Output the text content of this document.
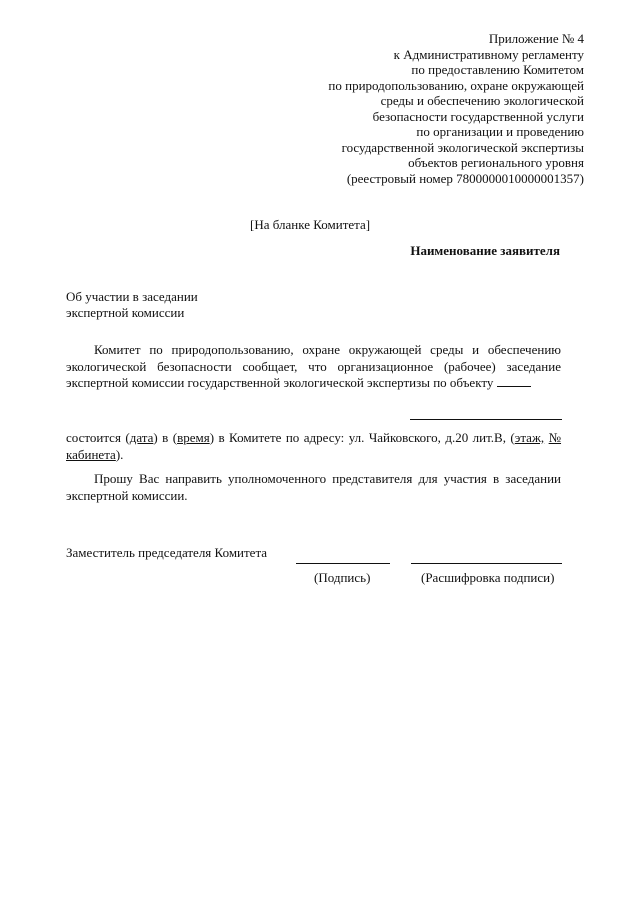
Приложение № 4
к Административному регламенту
по предоставлению Комитетом
по природопользованию, охране окружающей
среды и обеспечению экологической
безопасности государственной услуги
по организации и проведению
государственной экологической экспертизы
объектов регионального уровня
(реестровый номер 7800000010000001357)
[На бланке Комитета]
Наименование заявителя
Об участии в заседании
экспертной комиссии
Комитет по природопользованию, охране окружающей среды и обеспечению экологической безопасности сообщает, что организационное (рабочее) заседание экспертной комиссии государственной экологической экспертизы по объекту
состоится (дата) в (время) в Комитете по адресу: ул. Чайковского, д.20 лит.В, (этаж, № кабинета).
Прошу Вас направить уполномоченного представителя для участия в заседании экспертной комиссии.
Заместитель председателя Комитета
(Подпись)	(Расшифровка подписи)
